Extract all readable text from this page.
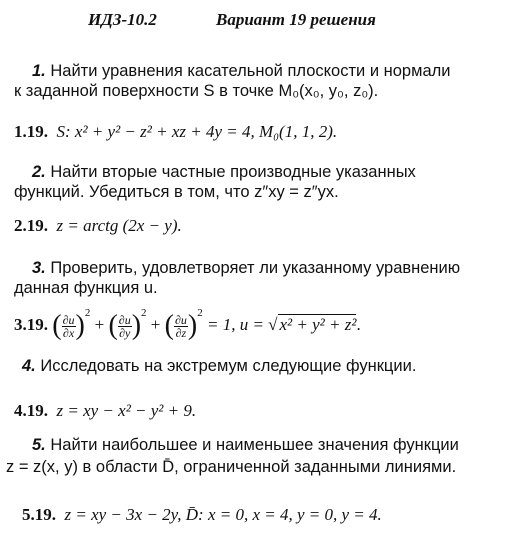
ИДЗ-10.2	Вариант 19 решения
1. Найти уравнения касательной плоскости и нормали
к заданной поверхности S в точке M₀(x₀, y₀, z₀).
1.19. S: x² + y² − z² + xz + 4y = 4, M₀(1, 1, 2).
2. Найти вторые частные производные указанных
функций. Убедиться в том, что z″xy = z″yx.
2.19. z = arctg (2x − y).
3. Проверить, удовлетворяет ли указанному уравнению
данная функция u.
3.19. ( $\frac{\partial u}{\partial x} )^2$ + ( $\frac{\partial u}{\partial y} )^2$ + ( $\frac{\partial u}{\partial z} )^2 = 1$, u = √ x² + y² + z².
4. Исследовать на экстремум следующие функции.
4.19. z = xy − x² − y² + 9.
5. Найти наибольшее и наименьшее значения функции
z = z(x, y) в области D̄, ограниченной заданными линиями.
5.19. z = xy − 3x − 2y, D̄: x = 0, x = 4, y = 0, y = 4.
